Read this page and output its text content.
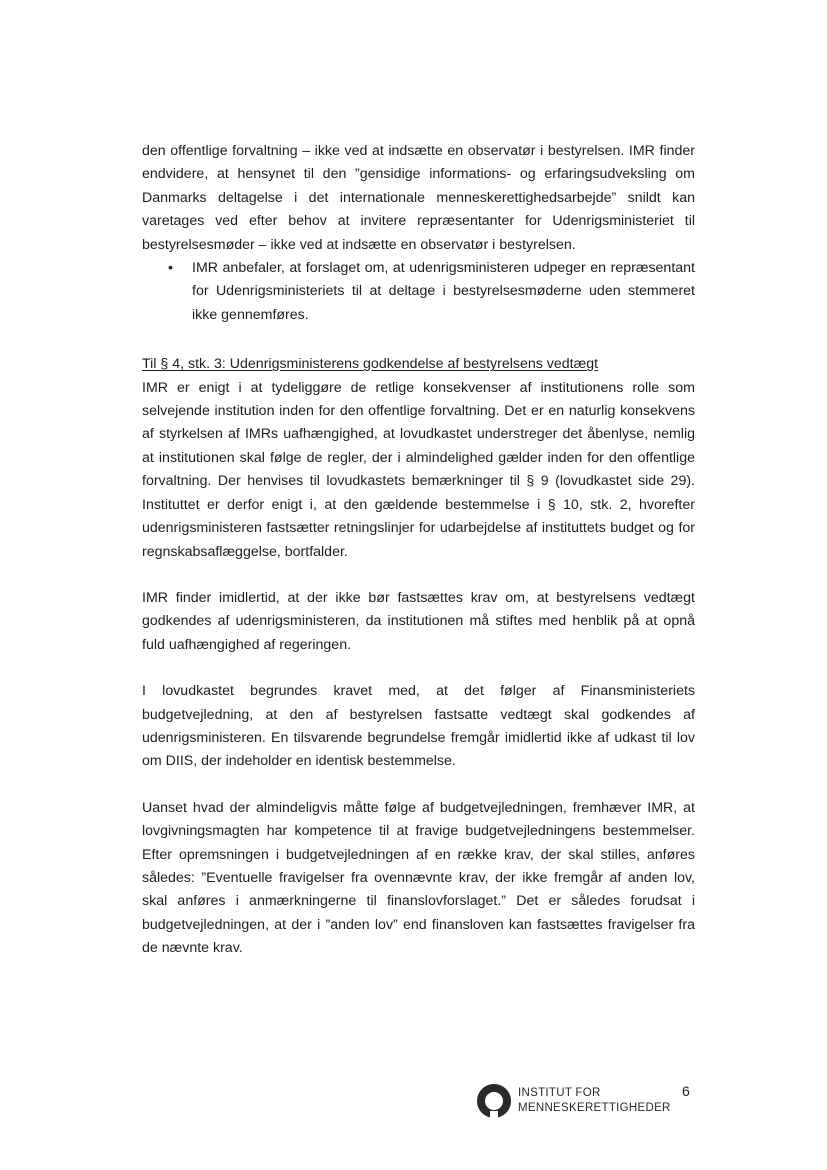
den offentlige forvaltning – ikke ved at indsætte en observatør i bestyrelsen. IMR finder endvidere, at hensynet til den ”gensidige informations- og erfaringsudveksling om Danmarks deltagelse i det internationale menneskerettighedsarbejde” snildt kan varetages ved efter behov at invitere repræsentanter for Udenrigsministeriet til bestyrelsesmøder – ikke ved at indsætte en observatør i bestyrelsen.

• IMR anbefaler, at forslaget om, at udenrigsministeren udpeger en repræsentant for Udenrigsministeriets til at deltage i bestyrelsesmøderne uden stemmeret ikke gennemføres.

Til § 4, stk. 3: Udenrigsministerens godkendelse af bestyrelsens vedtægt

IMR er enigt i at tydeliggøre de retlige konsekvenser af institutionens rolle som selvejende institution inden for den offentlige forvaltning. Det er en naturlig konsekvens af styrkelsen af IMRs uafhængighed, at lovudkastet understreger det åbenlyse, nemlig at institutionen skal følge de regler, der i almindelighed gælder inden for den offentlige forvaltning. Der henvises til lovudkastets bemærkninger til § 9 (lovudkastet side 29). Instituttet er derfor enigt i, at den gældende bestemmelse i § 10, stk. 2, hvorefter udenrigsministeren fastsætter retningslinjer for udarbejdelse af instituttets budget og for regnskabsaflæggelse, bortfalder.

IMR finder imidlertid, at der ikke bør fastsættes krav om, at bestyrelsens vedtægt godkendes af udenrigsministeren, da institutionen må stiftes med henblik på at opnå fuld uafhængighed af regeringen.

I lovudkastet begrundes kravet med, at det følger af Finansministeriets budgetvejledning, at den af bestyrelsen fastsatte vedtægt skal godkendes af udenrigsministeren. En tilsvarende begrundelse fremgår imidlertid ikke af udkast til lov om DIIS, der indeholder en identisk bestemmelse.

Uanset hvad der almindeligvis måtte følge af budgetvejledningen, fremhæver IMR, at lovgivningsmagten har kompetence til at fravige budgetvejledningens bestemmelser. Efter opremsningen i budgetvejledningen af en række krav, der skal stilles, anføres således: ”Eventuelle fravigelser fra ovennævnte krav, der ikke fremgår af anden lov, skal anføres i anmærkningerne til finanslovforslaget.” Det er således forudsat i budgetvejledningen, at der i ”anden lov” end finansloven kan fastsættes fravigelser fra de nævnte krav.

INSTITUT FOR
MENNESKERETTIGHEDER
6
